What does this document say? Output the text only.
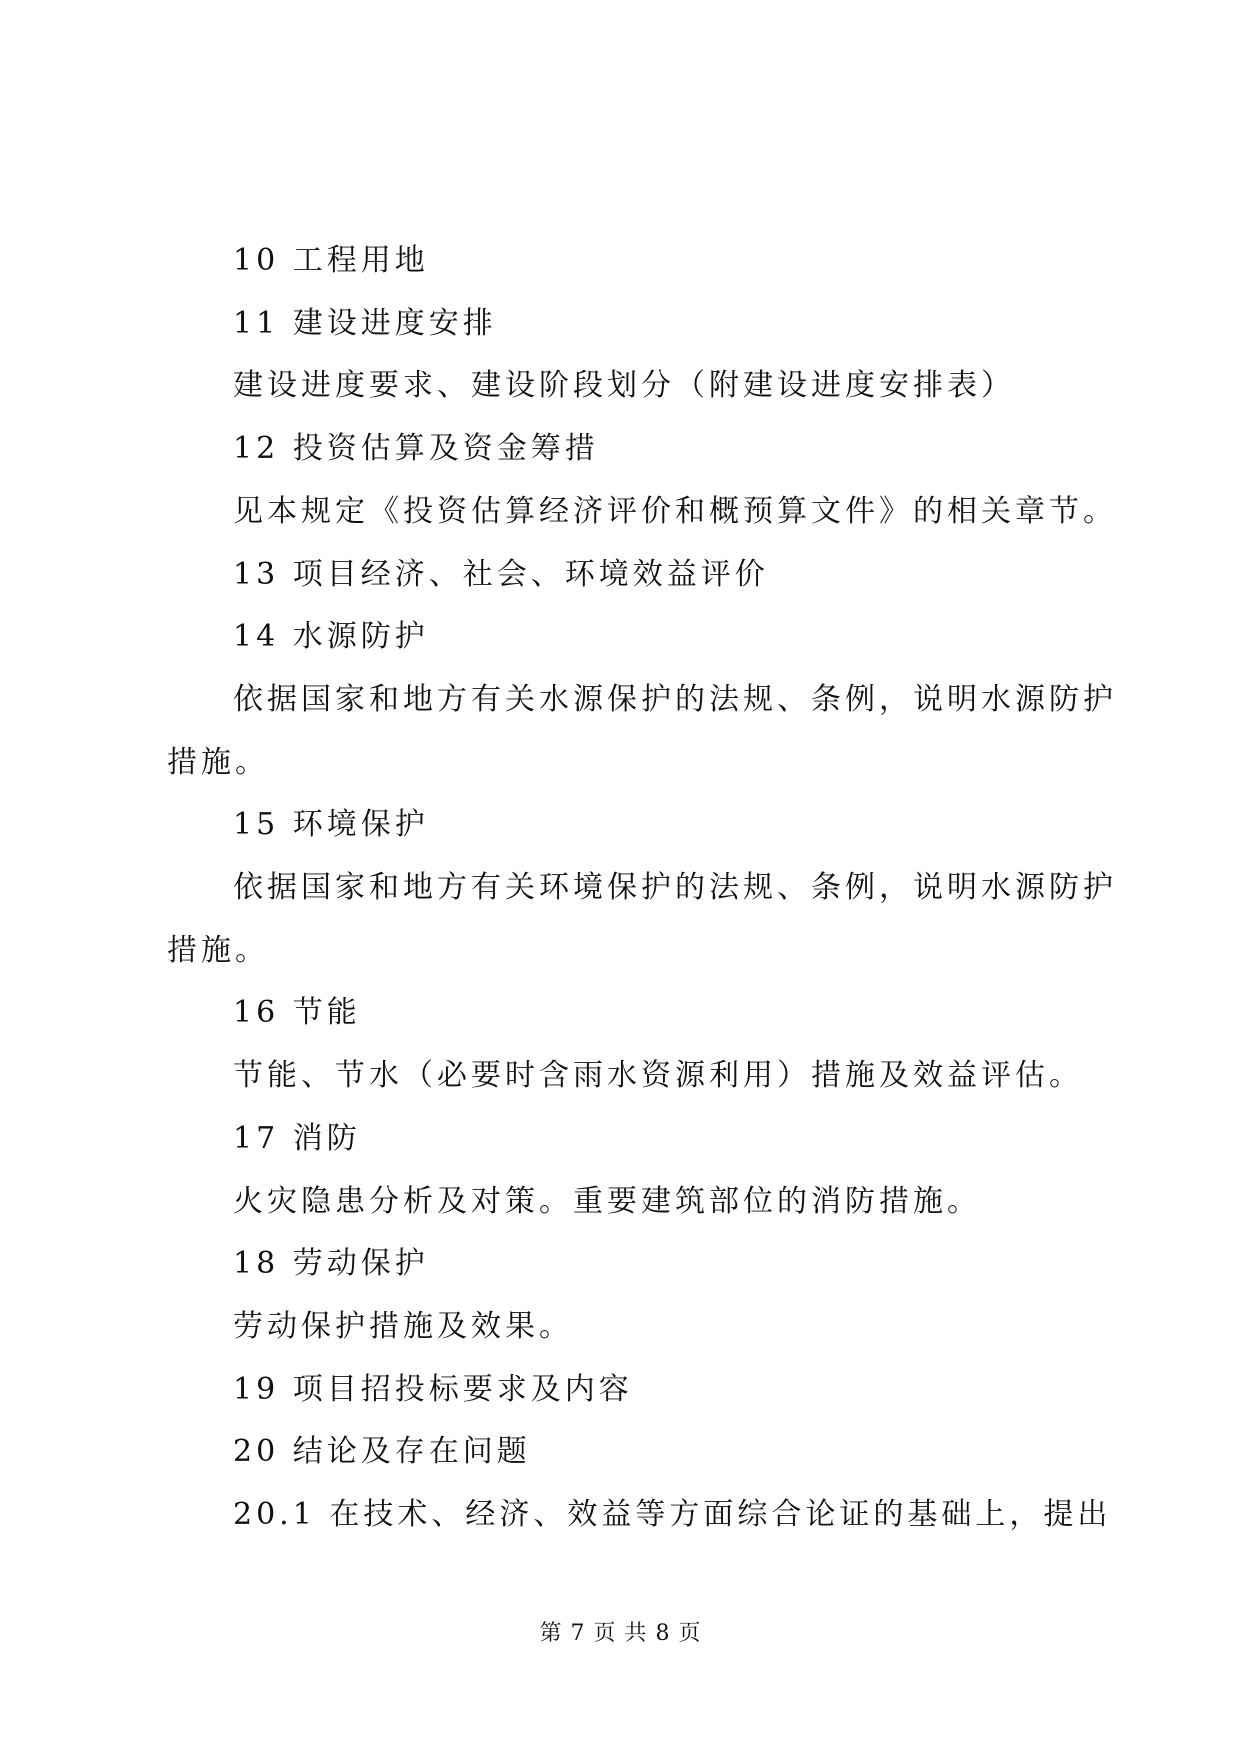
10 工程用地

11 建设进度安排

建设进度要求、建设阶段划分（附建设进度安排表）

12 投资估算及资金筹措

见本规定《投资估算经济评价和概预算文件》的相关章节。

13 项目经济、社会、环境效益评价

14 水源防护

依据国家和地方有关水源保护的法规、条例，说明水源防护

措施。

15 环境保护

依据国家和地方有关环境保护的法规、条例，说明水源防护

措施。

16 节能

节能、节水（必要时含雨水资源利用）措施及效益评估。

17 消防

火灾隐患分析及对策。重要建筑部位的消防措施。

18 劳动保护

劳动保护措施及效果。

19 项目招投标要求及内容

20 结论及存在问题

20.1 在技术、经济、效益等方面综合论证的基础上，提出

第 7 页 共 8 页
